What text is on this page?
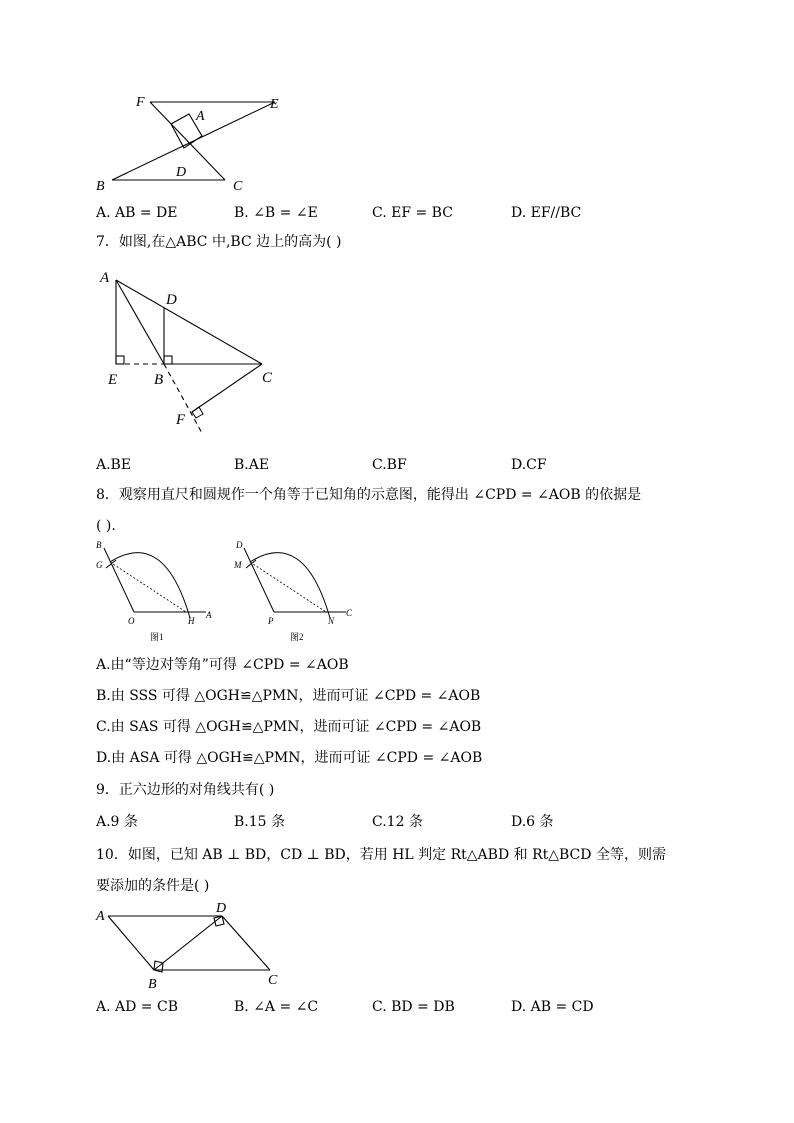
F	E
A
D
B	C
A. AB = DE	B. ∠B = ∠E	C. EF = BC	D. EF//BC
7．如图,在△ABC 中,BC 边上的高为( )
A
D
E B	C
F
A.BE	B.AE	C.BF	D.CF
8．观察用直尺和圆规作一个角等于已知角的示意图，能得出 ∠CPD = ∠AOB 的依据是
( ).
B
G
O	H
A
图1
D
M
P	N
C
图2
A.由“等边对等角”可得 ∠CPD = ∠AOB
B.由 SSS 可得 △OGH≌△PMN，进而可证 ∠CPD = ∠AOB
C.由 SAS 可得 △OGH≌△PMN，进而可证 ∠CPD = ∠AOB
D.由 ASA 可得 △OGH≌△PMN，进而可证 ∠CPD = ∠AOB
9．正六边形的对角线共有( )
A.9 条	B.15 条	C.12 条	D.6 条
10．如图，已知 AB ⊥ BD，CD ⊥ BD，若用 HL 判定 Rt△ABD 和 Rt△BCD 全等，则需
要添加的条件是( )
A
D
B	C
A. AD = CB	B. ∠A = ∠C	C. BD = DB	D. AB = CD
